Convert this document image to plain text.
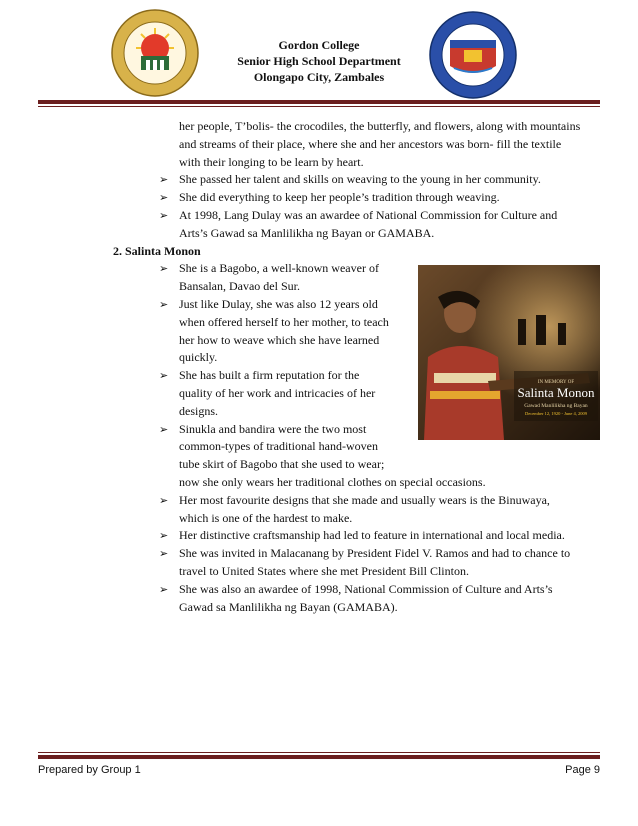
Gordon College
Senior High School Department
Olongapo City, Zambales
her people, T’bolis- the crocodiles, the butterfly, and flowers, along with mountains
and streams of their place, where she and her ancestors was born- fill the textile
with their longing to be learn by heart.
➢ She passed her talent and skills on weaving to the young in her community.
➢ She did everything to keep her people’s tradition through weaving.
➢ At 1998, Lang Dulay was an awardee of National Commission for Culture and
Arts’s Gawad sa Manlilikha ng Bayan or GAMABA.
2. Salinta Monon
➢ She is a Bagobo, a well-known weaver of
Bansalan, Davao del Sur.
➢ Just like Dulay, she was also 12 years old
when offered herself to her mother, to teach
her how to weave which she have learned
quickly.
➢ She has built a firm reputation for the
quality of her work and intricacies of her
designs.
➢ Sinukla and bandira were the two most
common-types of traditional hand-woven
tube skirt of Bagobo that she used to wear;
now she only wears her traditional clothes on special occasions.
➢ Her most favourite designs that she made and usually wears is the Binuwaya,
which is one of the hardest to make.
➢ Her distinctive craftsmanship had led to feature in international and local media.
➢ She was invited in Malacanang by President Fidel V. Ramos and had to chance to
travel to United States where she met President Bill Clinton.
➢ She was also an awardee of 1998, National Commission of Culture and Arts’s
Gawad sa Manlilikha ng Bayan (GAMABA).
IN MEMORY OF
Salinta Monon
Gawad Manlilikha ng Bayan
December 12, 1920 - June 4, 2009
Prepared by Group 1	Page 9
